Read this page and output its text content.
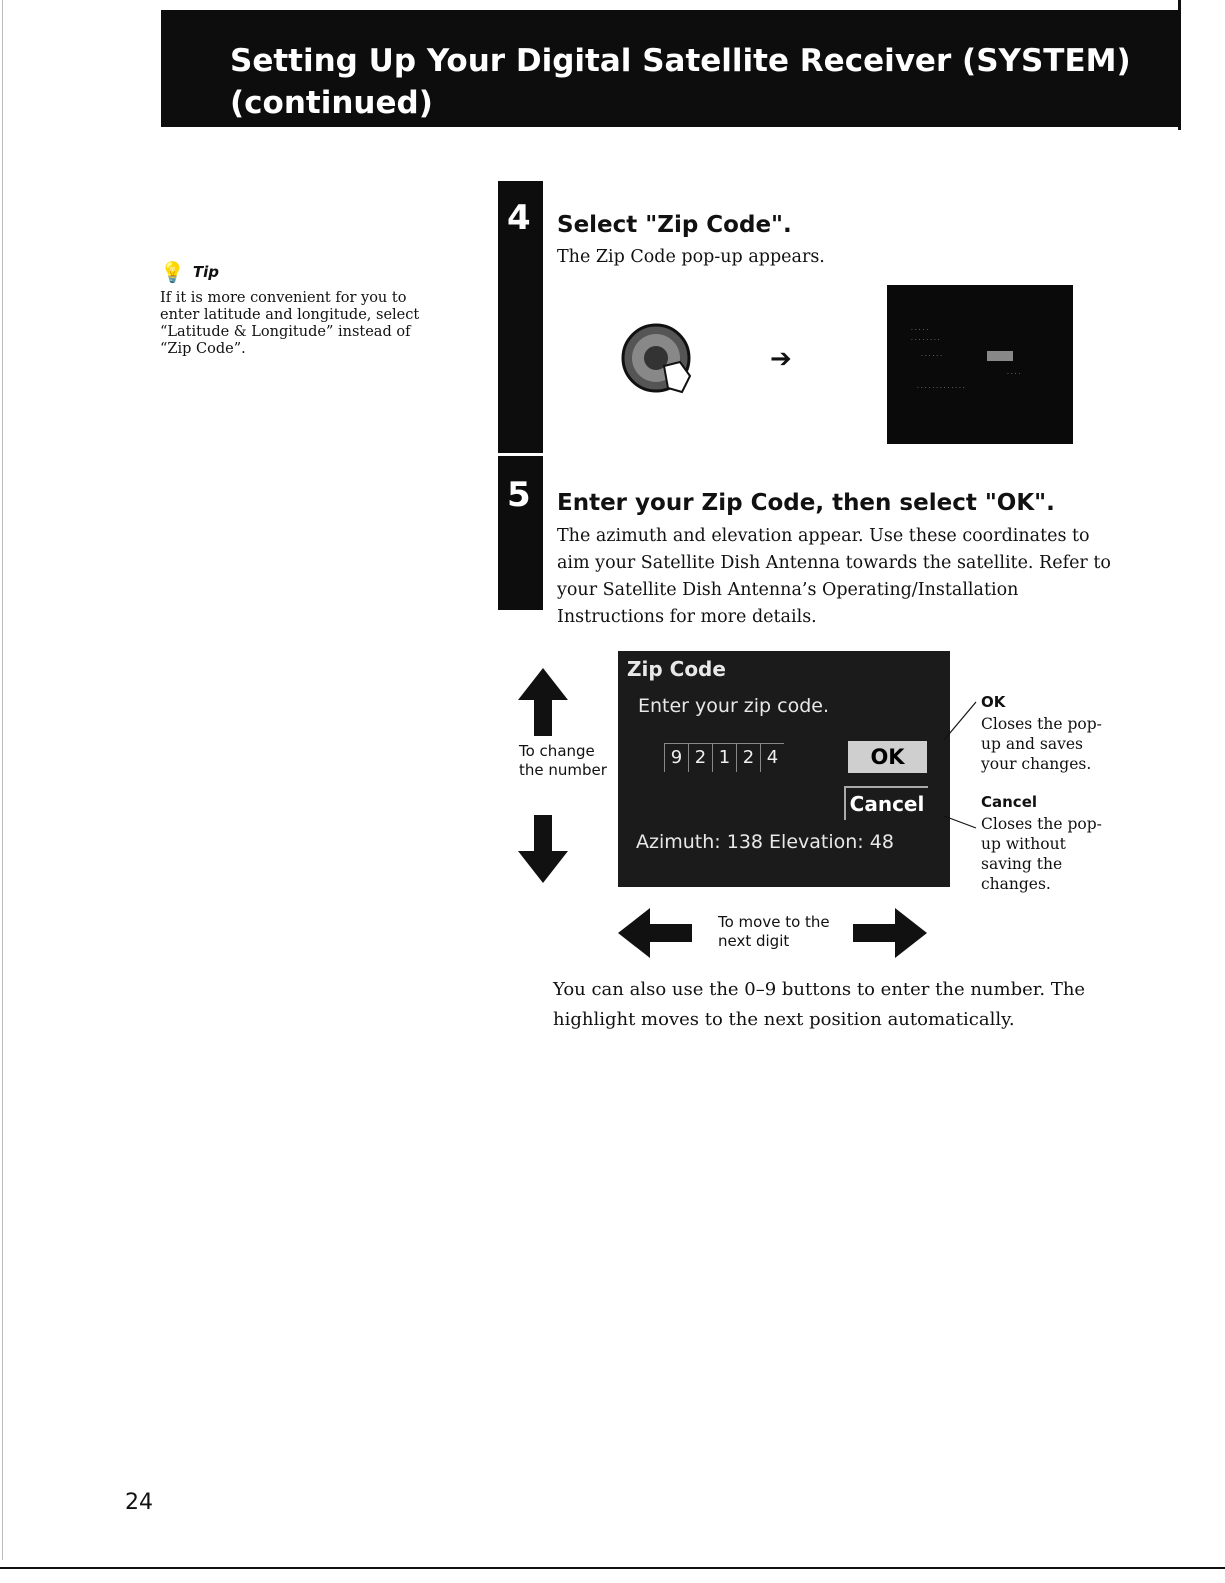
Setting Up Your Digital Satellite Receiver (SYSTEM)
(continued)
💡 Tip
If it is more convenient for you to enter latitude and longitude, select “Latitude & Longitude” instead of “Zip Code”.
4 Select "Zip Code".
The Zip Code pop-up appears.
➔
· · · · ·
· · · · · · · ·
· · · · · ·
· · · ·
· · · · · · · · · · · · ·
5 Enter your Zip Code, then select "OK".
The azimuth and elevation appear. Use these coordinates to aim your Satellite Dish Antenna towards the satellite. Refer to your Satellite Dish Antenna’s Operating/Installation Instructions for more details.
To change the number
Zip Code
Enter your zip code.
9 2 1 2 4	OK
Cancel
Azimuth: 138 Elevation: 48
OK
Closes the pop-up and saves your changes.
Cancel
Closes the pop-up without saving the changes.
To move to the next digit
You can also use the 0–9 buttons to enter the number. The highlight moves to the next position automatically.
24
